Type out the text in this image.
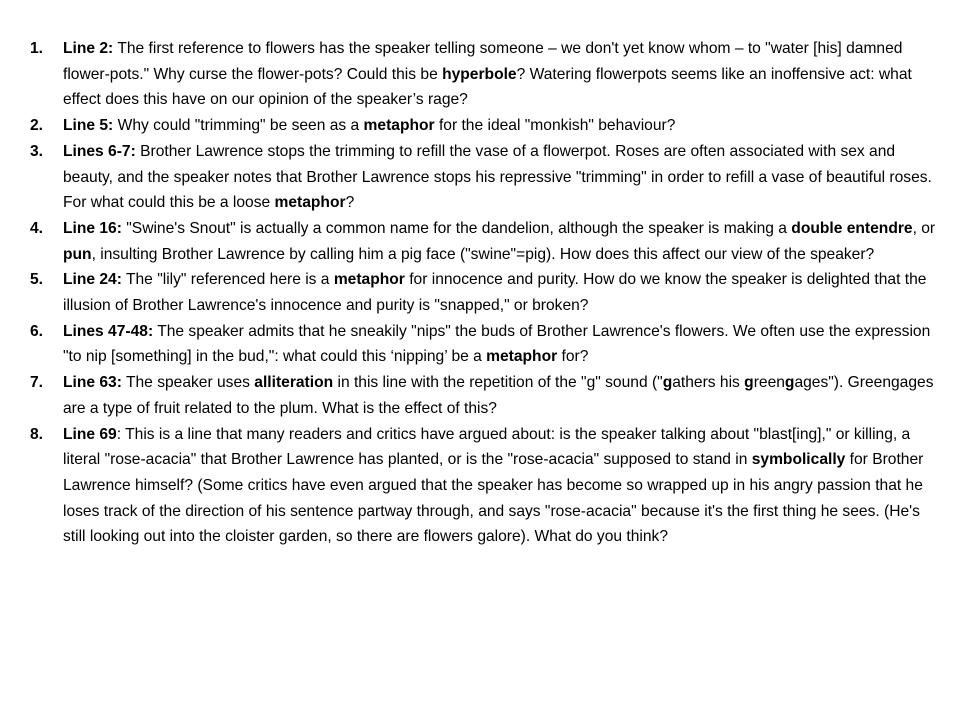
1. Line 2: The first reference to flowers has the speaker telling someone – we don't yet know whom – to "water [his] damned flower-pots." Why curse the flower-pots? Could this be hyperbole? Watering flowerpots seems like an inoffensive act: what effect does this have on our opinion of the speaker’s rage?
2. Line 5: Why could "trimming" be seen as a metaphor for the ideal "monkish" behaviour?
3. Lines 6-7: Brother Lawrence stops the trimming to refill the vase of a flowerpot. Roses are often associated with sex and beauty, and the speaker notes that Brother Lawrence stops his repressive "trimming" in order to refill a vase of beautiful roses. For what could this be a loose metaphor?
4. Line 16: "Swine's Snout" is actually a common name for the dandelion, although the speaker is making a double entendre, or pun, insulting Brother Lawrence by calling him a pig face ("swine"=pig). How does this affect our view of the speaker?
5. Line 24: The "lily" referenced here is a metaphor for innocence and purity. How do we know the speaker is delighted that the illusion of Brother Lawrence's innocence and purity is "snapped," or broken?
6. Lines 47-48: The speaker admits that he sneakily "nips" the buds of Brother Lawrence's flowers. We often use the expression "to nip [something] in the bud,": what could this ‘nipping’ be a metaphor for?
7. Line 63: The speaker uses alliteration in this line with the repetition of the "g" sound ("gathers his greengages"). Greengages are a type of fruit related to the plum. What is the effect of this?
8. Line 69: This is a line that many readers and critics have argued about: is the speaker talking about "blast[ing]," or killing, a literal "rose-acacia" that Brother Lawrence has planted, or is the "rose-acacia" supposed to stand in symbolically for Brother Lawrence himself? (Some critics have even argued that the speaker has become so wrapped up in his angry passion that he loses track of the direction of his sentence partway through, and says "rose-acacia" because it's the first thing he sees. (He's still looking out into the cloister garden, so there are flowers galore). What do you think?
